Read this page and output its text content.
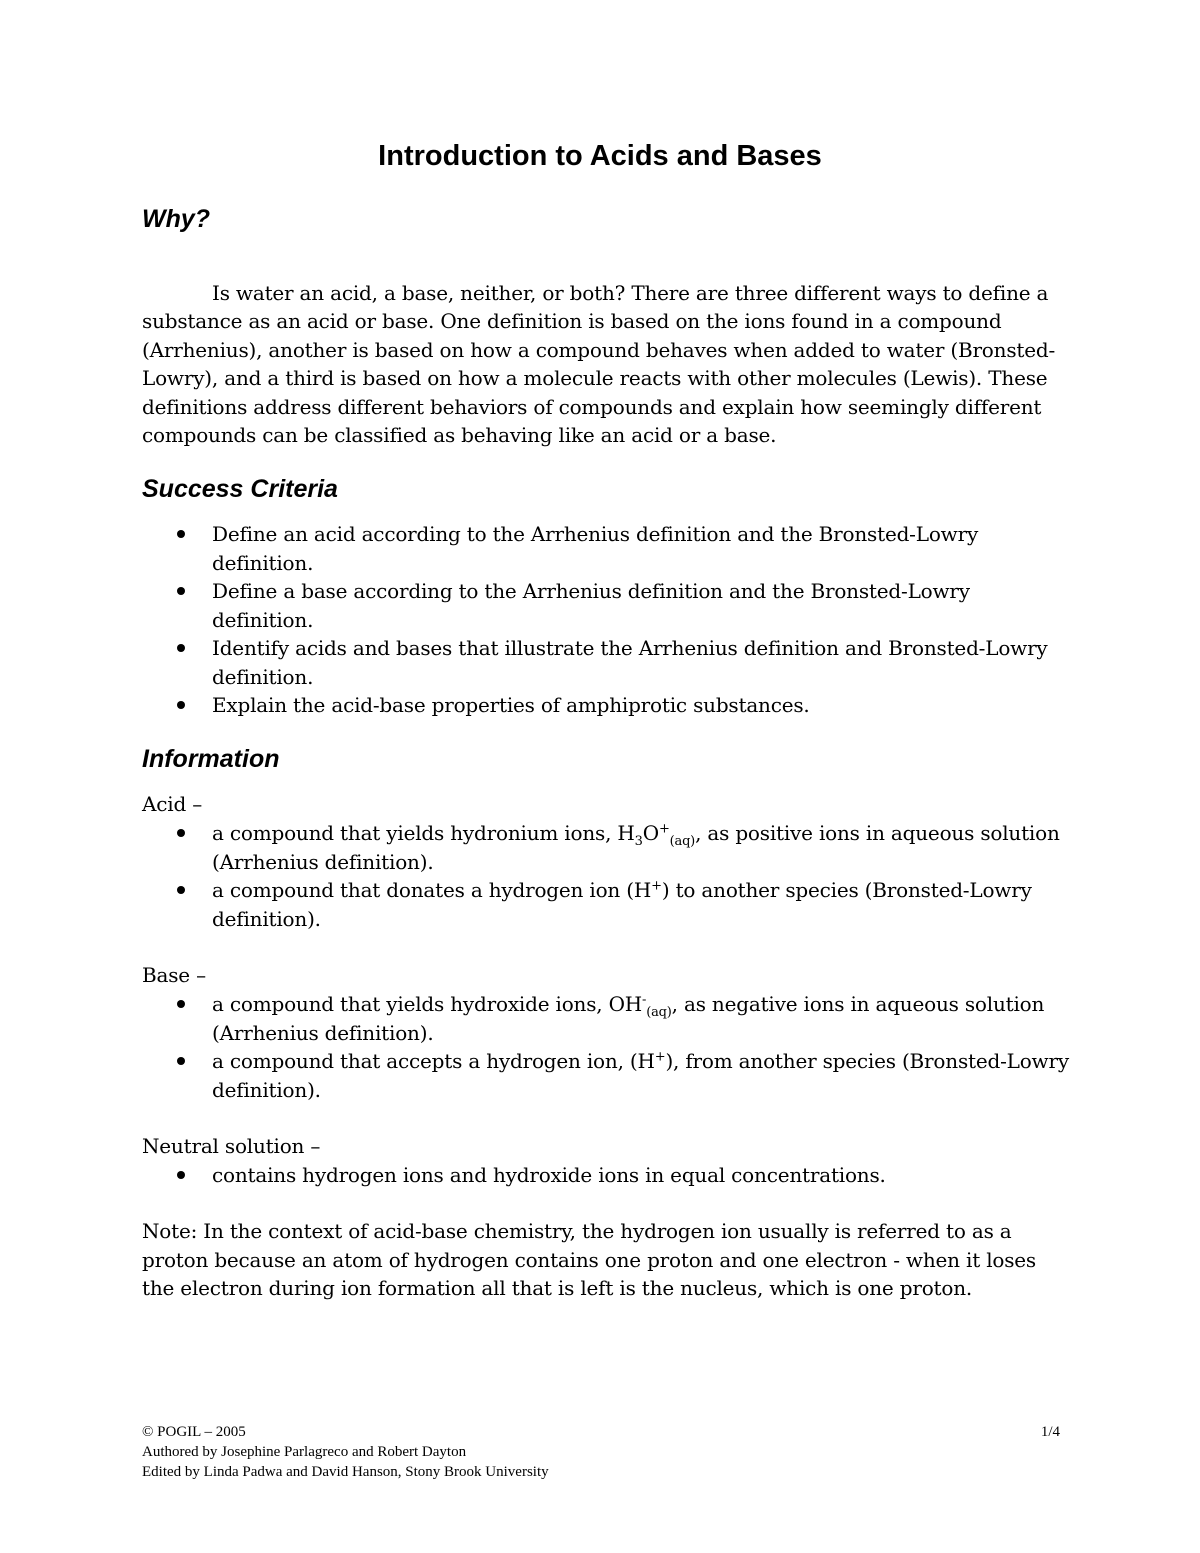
Introduction to Acids and Bases
Why?

Is water an acid, a base, neither, or both? There are three different ways to define a substance as an acid or base. One definition is based on the ions found in a compound (Arrhenius), another is based on how a compound behaves when added to water (Bronsted-Lowry), and a third is based on how a molecule reacts with other molecules (Lewis). These definitions address different behaviors of compounds and explain how seemingly different compounds can be classified as behaving like an acid or a base.

Success Criteria
Define an acid according to the Arrhenius definition and the Bronsted-Lowry definition.
Define a base according to the Arrhenius definition and the Bronsted-Lowry definition.
Identify acids and bases that illustrate the Arrhenius definition and Bronsted-Lowry definition.
Explain the acid-base properties of amphiprotic substances.
Information
Acid –
a compound that yields hydronium ions, $H_3O^+_{(aq)}$, as positive ions in aqueous solution (Arrhenius definition).
a compound that donates a hydrogen ion (H+) to another species (Bronsted-Lowry definition).
Base –
a compound that yields hydroxide ions, $OH^-_{(aq)}$, as negative ions in aqueous solution (Arrhenius definition).
a compound that accepts a hydrogen ion, (H+), from another species (Bronsted-Lowry definition).
Neutral solution –
contains hydrogen ions and hydroxide ions in equal concentrations.
Note: In the context of acid-base chemistry, the hydrogen ion usually is referred to as a proton because an atom of hydrogen contains one proton and one electron - when it loses the electron during ion formation all that is left is the nucleus, which is one proton.
© POGIL – 2005	1/4
Authored by Josephine Parlagreco and Robert Dayton
Edited by Linda Padwa and David Hanson, Stony Brook University
